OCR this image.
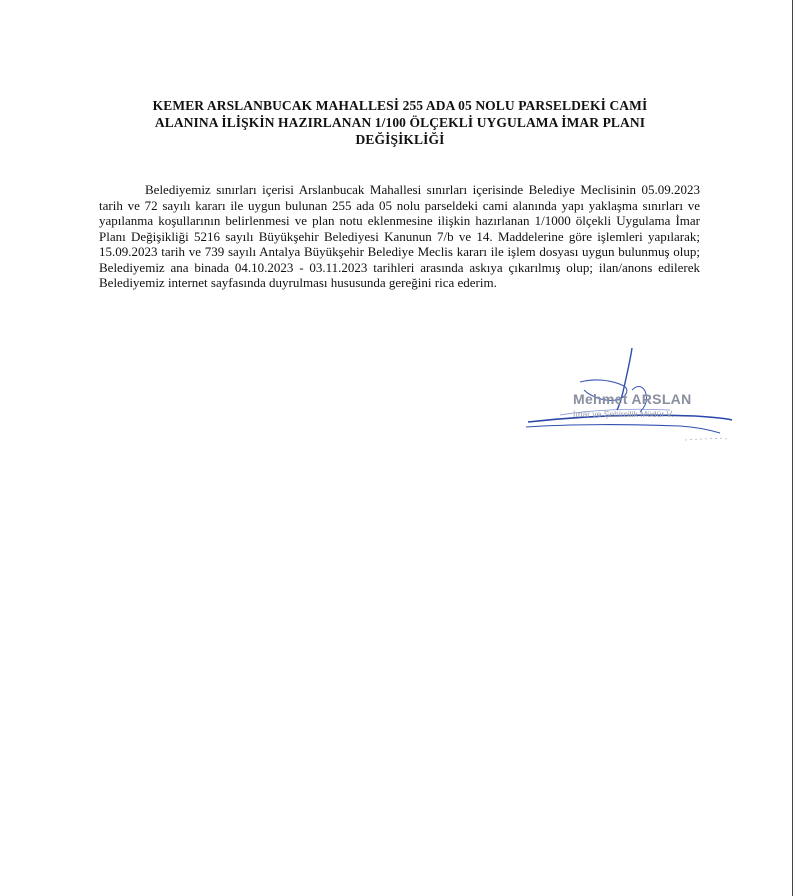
KEMER ARSLANBUCAK MAHALLESİ 255 ADA 05 NOLU PARSELDEKİ CAMİ
ALANINA İLİŞKİN HAZIRLANAN 1/100 ÖLÇEKLİ UYGULAMA İMAR PLANI
DEĞİŞİKLİĞİ
Belediyemiz sınırları içerisi Arslanbucak Mahallesi sınırları içerisinde Belediye Meclisinin 05.09.2023 tarih ve 72 sayılı kararı ile uygun bulunan 255 ada 05 nolu parseldeki cami alanında yapı yaklaşma sınırları ve yapılanma koşullarının belirlenmesi ve plan notu eklenmesine ilişkin hazırlanan 1/1000 ölçekli Uygulama İmar Planı Değişikliği 5216 sayılı Büyükşehir Belediyesi Kanunun 7/b ve 14. Maddelerine göre işlemleri yapılarak; 15.09.2023 tarih ve 739 sayılı Antalya Büyükşehir Belediye Meclis kararı ile işlem dosyası uygun bulunmuş olup; Belediyemiz ana binada 04.10.2023 - 03.11.2023 tarihleri arasında askıya çıkarılmış olup; ilan/anons edilerek Belediyemiz internet sayfasında duyrulması hususunda gereğini rica ederim.
Mehmet ARSLAN
İmar ve Şehircilik Müdür V.
